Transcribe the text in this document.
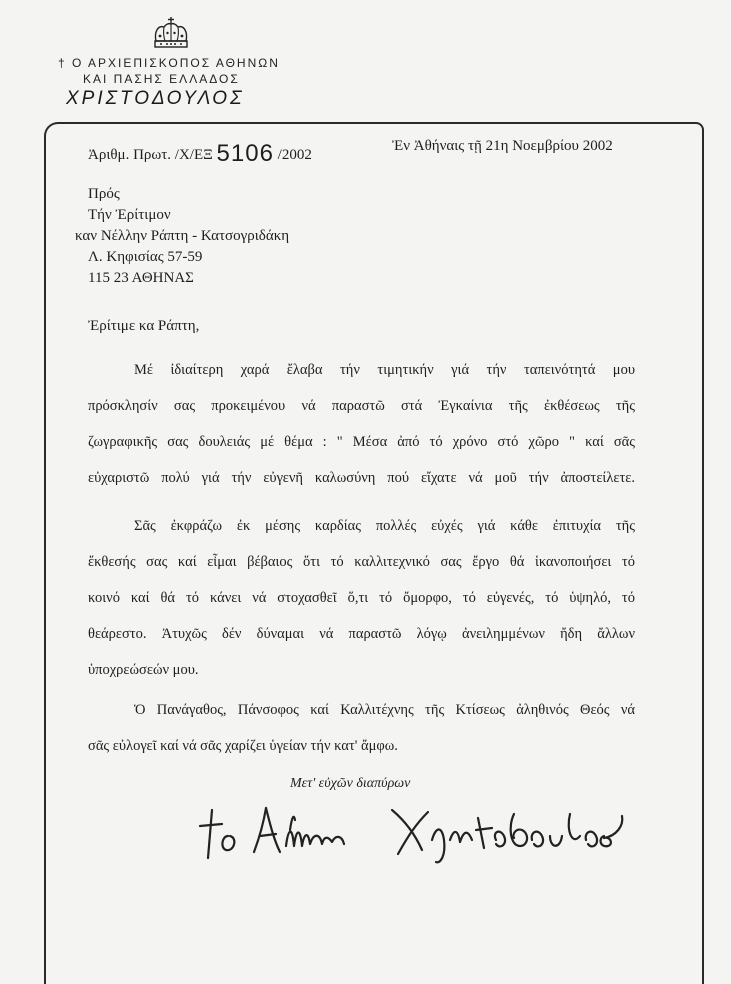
† Ο ΑΡΧΙΕΠΙΣΚΟΠΟΣ ΑΘΗΝΩΝ
ΚΑΙ ΠΑΣΗΣ ΕΛΛΑΔΟΣ
ΧΡΙΣΤΟΔΟΥΛΟΣ
Ἀριθμ. Πρωτ. /Χ/ΕΞ 5106 /2002
Ἐν Ἀθήναις τῇ 21η Νοεμβρίου 2002
Πρός
Τήν Ἐρίτιμον
καν Νέλλην Ράπτη - Κατσογριδάκη
Λ. Κηφισίας 57-59
115 23 ΑΘΗΝΑΣ
Ἐρίτιμε κα Ράπτη,
Μέ ἰδιαίτερη χαρά ἔλαβα τήν τιμητικήν γιά τήν ταπεινότητά μου
πρόσκλησίν σας προκειμένου νά παραστῶ στά Ἐγκαίνια τῆς ἐκθέσεως τῆς
ζωγραφικῆς σας δουλειάς μέ θέμα : " Μέσα ἀπό τό χρόνο στό χῶρο " καί σᾶς
εὐχαριστῶ πολύ γιά τήν εὐγενῆ καλωσύνη πού εἴχατε νά μοῦ τήν ἀποστείλετε.
Σᾶς ἐκφράζω ἐκ μέσης καρδίας πολλές εὐχές γιά κάθε ἐπιτυχία τῆς
ἔκθεσής σας καί εἶμαι βέβαιος ὅτι τό καλλιτεχνικό σας ἔργο θά ἱκανοποιήσει τό
κοινό καί θά τό κάνει νά στοχασθεῖ ὅ,τι τό ὄμορφο, τό εὐγενές, τό ὑψηλό, τό
θεάρεστο. Ἀτυχῶς δέν δύναμαι νά παραστῶ λόγῳ ἀνειλημμένων ἤδη ἄλλων
ὑποχρεώσεών μου.
Ὁ Πανάγαθος, Πάνσοφος καί Καλλιτέχνης τῆς Κτίσεως ἀληθινός Θεός νά
σᾶς εὐλογεῖ καί νά σᾶς χαρίζει ὑγείαν τήν κατ' ἄμφω.
Μετ' εὐχῶν διαπύρων
